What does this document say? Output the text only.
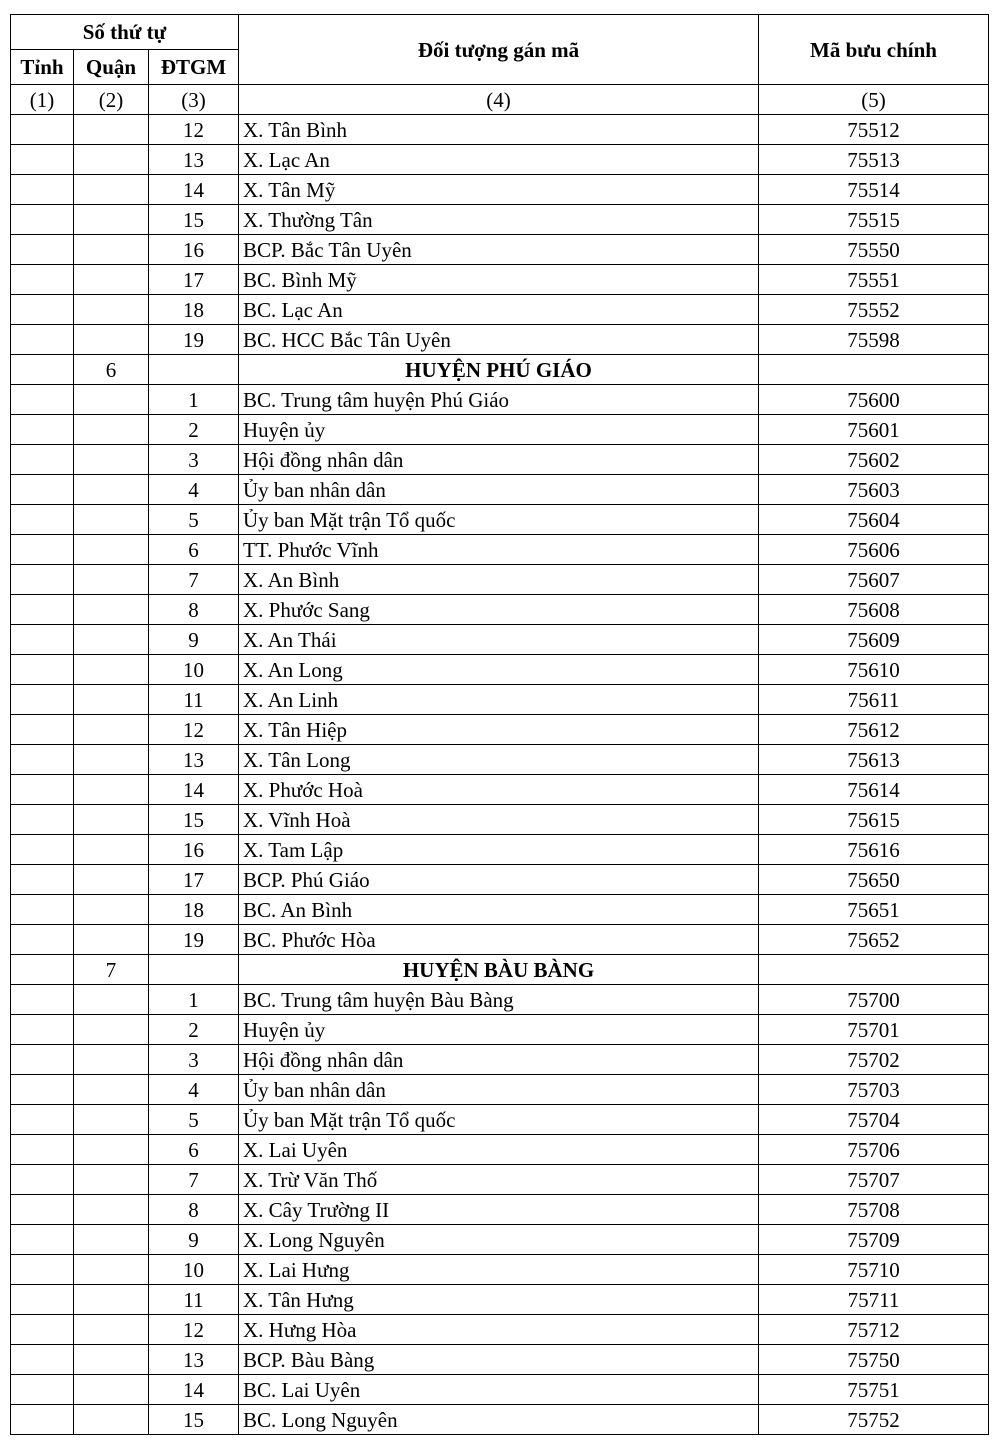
Số thứ tự			Đối tượng gán mã	Mã bưu chính
Tỉnh	Quận	ĐTGM		
(1)	(2)	(3)	(4)	(5)
		12	X. Tân Bình	75512
		13	X. Lạc An	75513
		14	X. Tân Mỹ	75514
		15	X. Thường Tân	75515
		16	BCP. Bắc Tân Uyên	75550
		17	BC. Bình Mỹ	75551
		18	BC. Lạc An	75552
		19	BC. HCC Bắc Tân Uyên	75598
	6		HUYỆN PHÚ GIÁO	
		1	BC. Trung tâm huyện Phú Giáo	75600
		2	Huyện ủy	75601
		3	Hội đồng nhân dân	75602
		4	Ủy ban nhân dân	75603
		5	Ủy ban Mặt trận Tổ quốc	75604
		6	TT. Phước Vĩnh	75606
		7	X. An Bình	75607
		8	X. Phước Sang	75608
		9	X. An Thái	75609
		10	X. An Long	75610
		11	X. An Linh	75611
		12	X. Tân Hiệp	75612
		13	X. Tân Long	75613
		14	X. Phước Hoà	75614
		15	X. Vĩnh Hoà	75615
		16	X. Tam Lập	75616
		17	BCP. Phú Giáo	75650
		18	BC. An Bình	75651
		19	BC. Phước Hòa	75652
	7		HUYỆN BÀU BÀNG	
		1	BC. Trung tâm huyện Bàu Bàng	75700
		2	Huyện ủy	75701
		3	Hội đồng nhân dân	75702
		4	Ủy ban nhân dân	75703
		5	Ủy ban Mặt trận Tổ quốc	75704
		6	X. Lai Uyên	75706
		7	X. Trừ Văn Thố	75707
		8	X. Cây Trường II	75708
		9	X. Long Nguyên	75709
		10	X. Lai Hưng	75710
		11	X. Tân Hưng	75711
		12	X. Hưng Hòa	75712
		13	BCP. Bàu Bàng	75750
		14	BC. Lai Uyên	75751
		15	BC. Long Nguyên	75752
